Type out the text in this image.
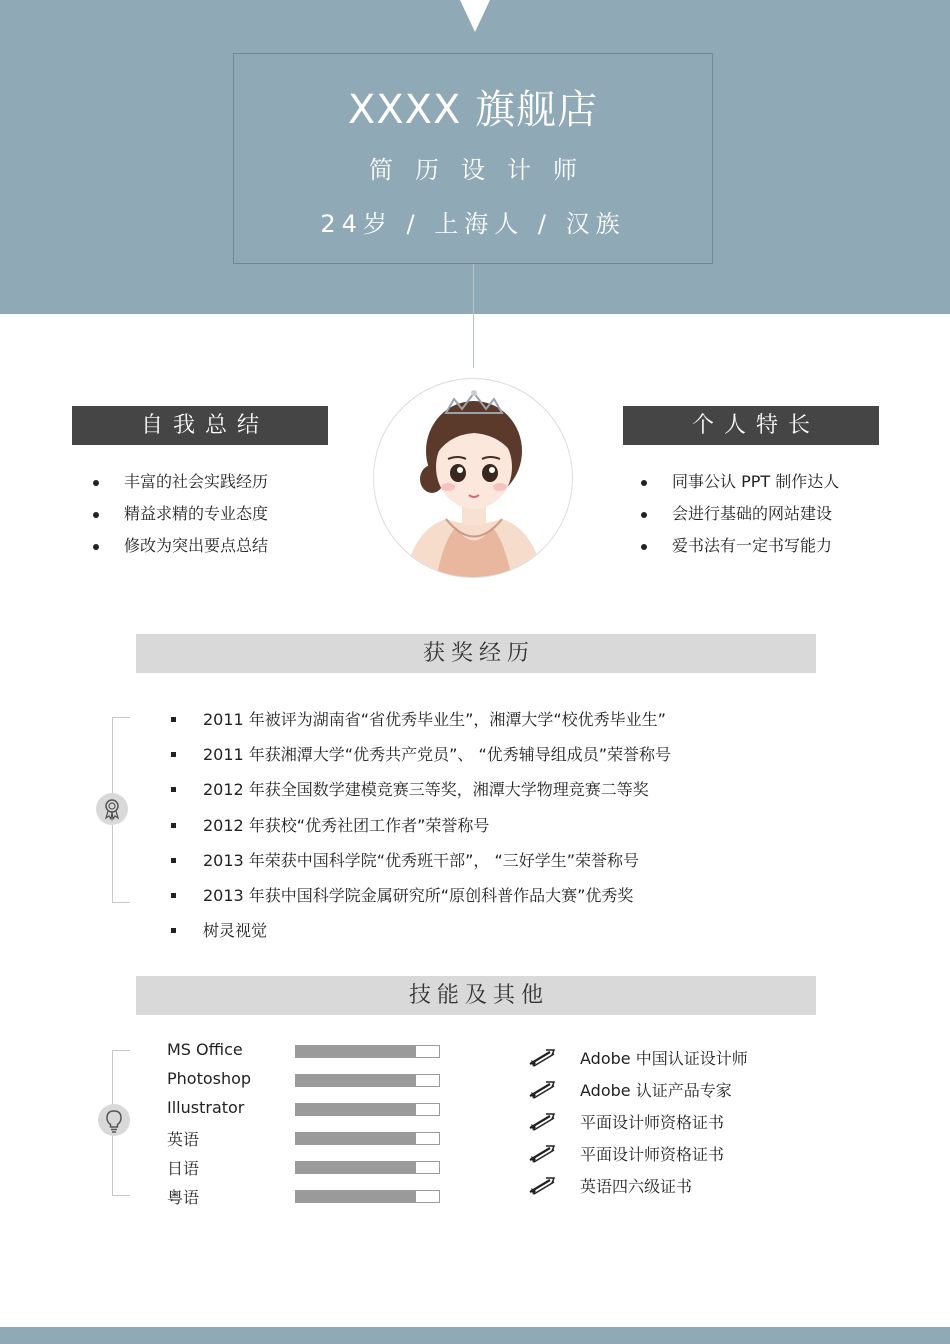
XXXX 旗舰店
简历设计师
24岁 / 上海人 / 汉族
自我总结
丰富的社会实践经历
精益求精的专业态度
修改为突出要点总结
个人特长
同事公认 PPT 制作达人
会进行基础的网站建设
爱书法有一定书写能力
获奖经历
2011 年被评为湖南省“省优秀毕业生”，湘潭大学“校优秀毕业生”
2011 年获湘潭大学“优秀共产党员”、 “优秀辅导组成员”荣誉称号
2012 年获全国数学建模竞赛三等奖，湘潭大学物理竞赛二等奖
2012 年获校“优秀社团工作者”荣誉称号
2013 年荣获中国科学院“优秀班干部”， “三好学生”荣誉称号
2013 年获中国科学院金属研究所“原创科普作品大赛”优秀奖
树灵视觉
技能及其他
MS Office
Photoshop
Illustrator
英语
日语
粤语
Adobe 中国认证设计师
Adobe 认证产品专家
平面设计师资格证书
平面设计师资格证书
英语四六级证书
